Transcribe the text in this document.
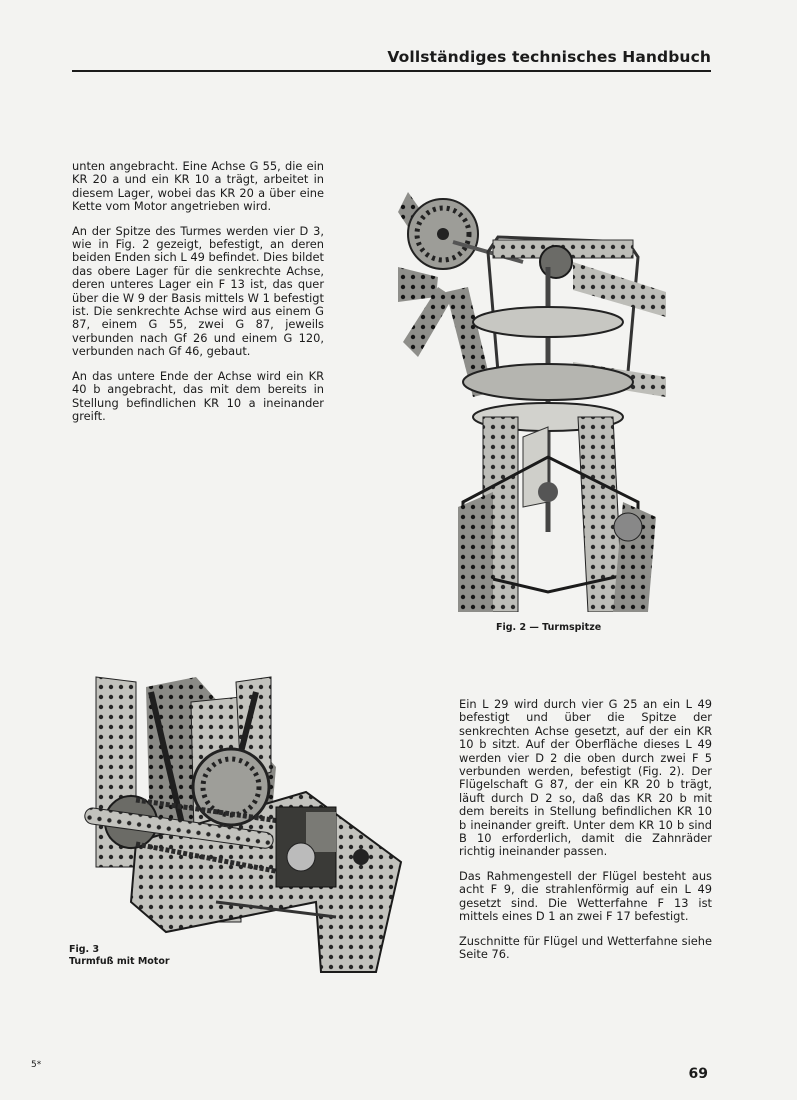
Vollständiges technisches Handbuch

unten angebracht. Eine Achse G 55, die ein KR 20 a und ein KR 10 a trägt, arbeitet in diesem Lager, wobei das KR 20 a über eine Kette vom Motor angetrieben wird.

An der Spitze des Turmes werden vier D 3, wie in Fig. 2 gezeigt, befestigt, an deren beiden Enden sich L 49 befindet. Dies bildet das obere Lager für die senkrechte Achse, deren unteres Lager ein F 13 ist, das quer über die W 9 der Basis mittels W 1 befestigt ist. Die senkrechte Achse wird aus einem G 87, einem G 55, zwei G 87, jeweils verbunden nach Gf 26 und einem G 120, verbunden nach Gf 46, gebaut.

An das untere Ende der Achse wird ein KR 40 b angebracht, das mit dem bereits in Stellung befindlichen KR 10 a ineinander greift.

Fig. 2 — Turmspitze
Fig. 3
Turmfuß mit Motor

Ein L 29 wird durch vier G 25 an ein L 49 befestigt und über die Spitze der senkrechten Achse gesetzt, auf der ein KR 10 b sitzt. Auf der Oberfläche dieses L 49 werden vier D 2 die oben durch zwei F 5 verbunden werden, befestigt (Fig. 2). Der Flügelschaft G 87, der ein KR 20 b trägt, läuft durch D 2 so, daß das KR 20 b mit dem bereits in Stellung befindlichen KR 10 b ineinander greift. Unter dem KR 10 b sind B 10 erforderlich, damit die Zahnräder richtig ineinander passen.

Das Rahmengestell der Flügel besteht aus acht F 9, die strahlenförmig auf ein L 49 gesetzt sind. Die Wetterfahne F 13 ist mittels eines D 1 an zwei F 17 befestigt.

Zuschnitte für Flügel und Wetterfahne siehe Seite 76.

5*
69
